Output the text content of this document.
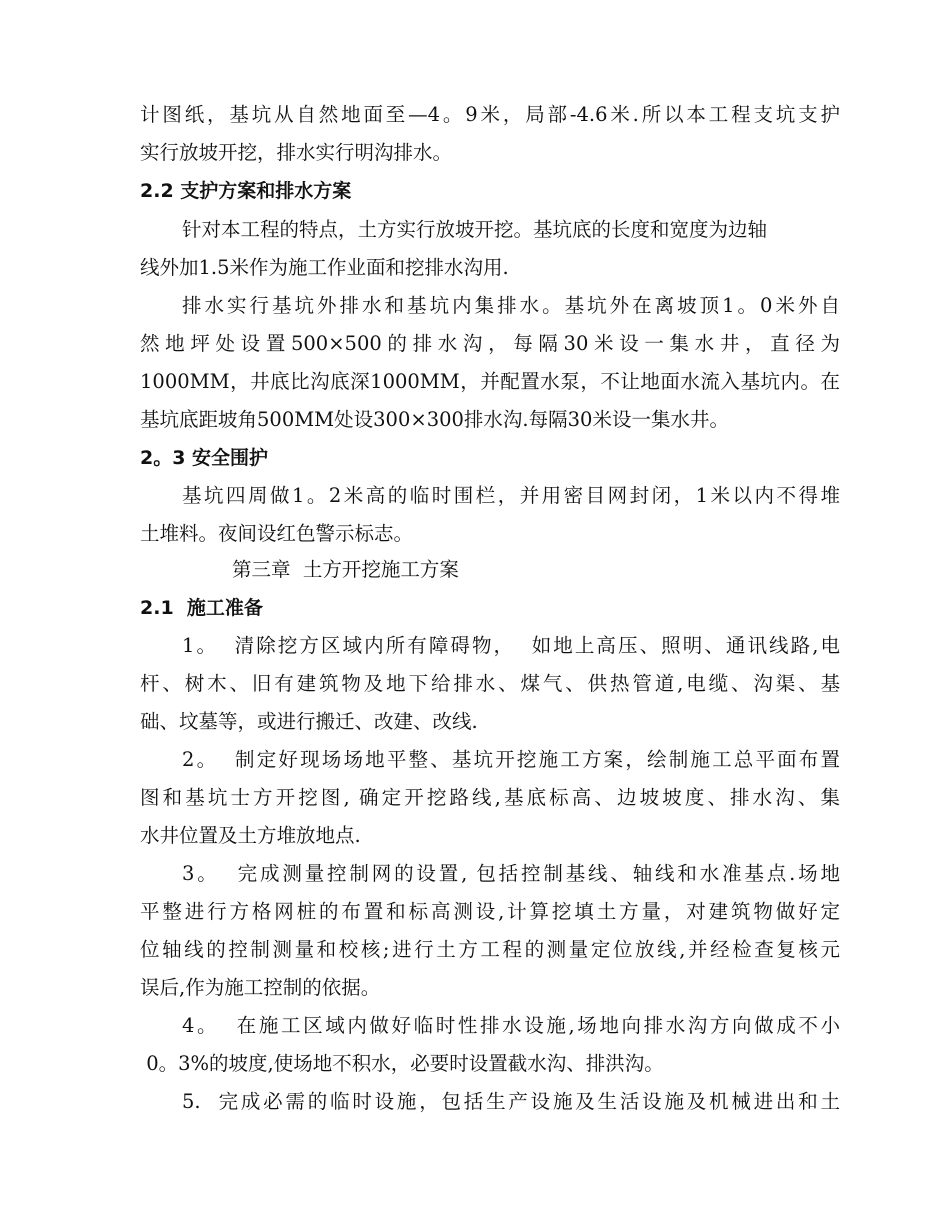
计图纸，基坑从自然地面至—4。9米，局部-4.6米.所以本工程支坑支护
实行放坡开挖，排水实行明沟排水。
2.2 支护方案和排水方案
针对本工程的特点，土方实行放坡开挖。基坑底的长度和宽度为边轴
线外加1.5米作为施工作业面和挖排水沟用.
排水实行基坑外排水和基坑内集排水。基坑外在离坡顶1。0米外自
然地坪处设置500×500的排水沟，每隔30米设一集水井，直径为
1000MM，井底比沟底深1000MM，并配置水泵，不让地面水流入基坑内。在
基坑底距坡角500MM处设300×300排水沟.每隔30米设一集水井。
2。3 安全围护
基坑四周做1。2米高的临时围栏，并用密目网封闭，1米以内不得堆
土堆料。夜间设红色警示标志。
第三章  土方开挖施工方案
2.1  施工准备
1。  清除挖方区域内所有障碍物，  如地上高压、照明、通讯线路,电
杆、树木、旧有建筑物及地下给排水、煤气、供热管道,电缆、沟渠、基
础、坟墓等，或进行搬迁、改建、改线.
2。  制定好现场场地平整、基坑开挖施工方案，绘制施工总平面布置
图和基坑士方开挖图, 确定开挖路线,基底标高、边坡坡度、排水沟、集
水井位置及土方堆放地点.
3。  完成测量控制网的设置, 包括控制基线、轴线和水准基点.场地
平整进行方格网桩的布置和标高测设,计算挖填土方量，对建筑物做好定
位轴线的控制测量和校核;进行土方工程的测量定位放线,并经检查复核元
误后,作为施工控制的依据。
4。  在施工区域内做好临时性排水设施,场地向排水沟方向做成不小
0。3%的坡度,使场地不积水，必要时设置截水沟、排洪沟。
5.  完成必需的临时设施，包括生产设施及生活设施及机械进出和土
